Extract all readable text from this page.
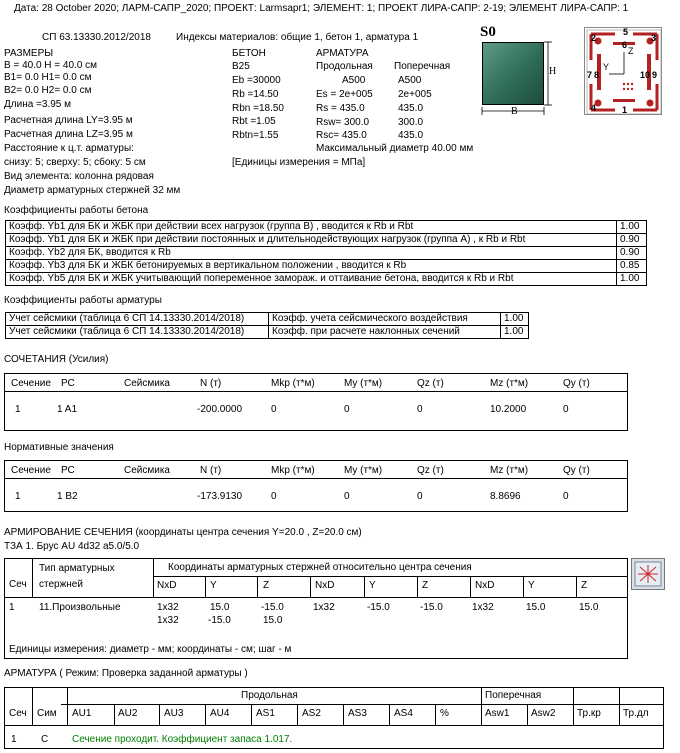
Дата: 28 October 2020; ЛАРМ-САПР_2020; ПРОЕКТ: Larmsapr1; ЭЛЕМЕНТ: 1; ПРОЕКТ ЛИРА-САПР: 2-19; ЭЛЕМЕНТ ЛИРА-САПР: 1
СП 63.13330.2012/2018	Индексы материалов: общие 1, бетон 1, арматура 1	S0
H
B
5
2	3
6
Z
Y
7 8	10 9
1
4
РАЗМЕРЫ
B = 40.0 H = 40.0 см
B1= 0.0 H1= 0.0 см
B2= 0.0 H2= 0.0 см
Длина =3.95 м
Расчетная длина LY=3.95 м
Расчетная длина LZ=3.95 м
Расстояние к ц.т. арматуры:
снизу: 5; сверху: 5; сбоку: 5 см
Вид элемента: колонна рядовая
Диаметр арматурных стержней 32 мм
БЕТОН
B25
Eb =30000
Rb =14.50
Rbn =18.50
Rbt =1.05
Rbtn=1.55
[Единицы измерения = МПа]
АРМАТУРА
Продольная Поперечная
A500	A500
Es = 2e+005	2e+005
Rs = 435.0	435.0
Rsw= 300.0	300.0
Rsc= 435.0	435.0
Максимальный диаметр 40.00 мм
Коэффициенты работы бетона
Коэфф. Yb1 для БК и ЖБК при действии всех нагрузок (группа B) , вводится к Rb и Rbt	1.00
Коэфф. Yb1 для БК и ЖБК при действии постоянных и длительнодействующих нагрузок (группа A) , к Rb и Rbt	0.90
Коэфф. Yb2 для БК, вводится к Rb	0.90
Коэфф. Yb3 для БК и ЖБК бетонируемых в вертикальном положении , вводится к Rb	0.85
Коэфф. Yb5 для БК и ЖБК учитывающий попеременное замораж. и оттаивание бетона, вводится к Rb и Rbt	1.00
Коэффициенты работы арматуры
Учет сейсмики (таблица 6 СП 14.13330.2014/2018)	Коэфф. учета сейсмического воздействия	1.00
Учет сейсмики (таблица 6 СП 14.13330.2014/2018)	Коэфф. при расчете наклонных сечений	1.00
СОЧЕТАНИЯ (Усилия)
Сечение РС	Сейсмика	N (т)	Mkp (т*м)	My (т*м)	Qz (т)	Mz (т*м)	Qy (т)
1	1 A1	-200.0000	0	0	0	10.2000	0
Нормативные значения
Сечение РС	Сейсмика	N (т)	Mkp (т*м)	My (т*м)	Qz (т)	Mz (т*м)	Qy (т)
1	1 B2	-173.9130	0	0	0	8.8696	0
АРМИРОВАНИЕ СЕЧЕНИЯ (координаты центра сечения Y=20.0 , Z=20.0 см)
ТЗА 1. Брус AU 4d32 a5.0/5.0
Сеч
Тип арматурных
стержней
Координаты арматурных стержней относительно центра сечения
NxD	Y	Z	NxD	Y	Z	NxD	Y	Z
1 11.Произвольные	1x32	15.0	-15.0	1x32	-15.0	-15.0	1x32	15.0	15.0
1x32	-15.0	15.0
Единицы измерения: диаметр - мм; координаты - см; шаг - м
АРМАТУРА ( Режим: Проверка заданной арматуры )
Продольная	Поперечная
Сеч Сим AU1	AU2	AU3	AU4	AS1	AS2	AS3	AS4	%	Asw1 Asw2 Тр.кр Тр.дл
1 С Сечение проходит. Коэффициент запаса 1.017.
